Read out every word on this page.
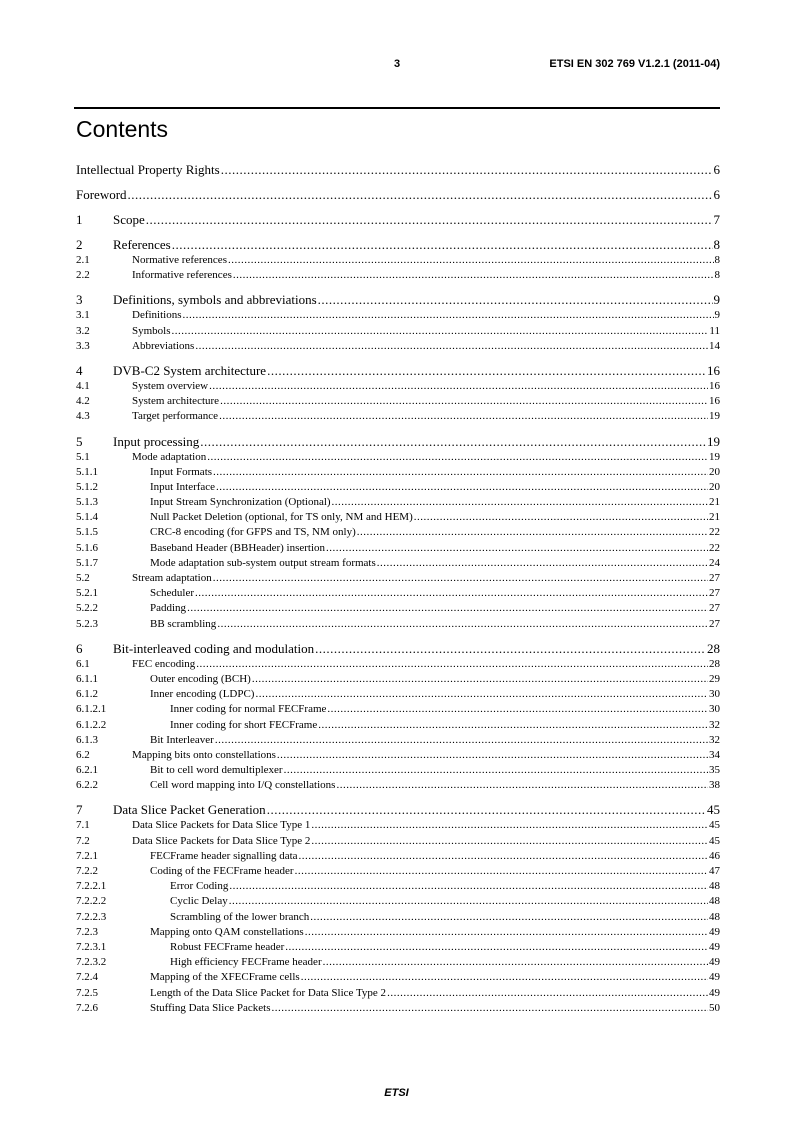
3	ETSI EN 302 769 V1.2.1 (2011-04)
Contents
Intellectual Property Rights .....	6
Foreword .....	6
1	Scope .....	7
2	References .....	8
2.1	Normative references .....	8
2.2	Informative references .....	8
3	Definitions, symbols and abbreviations .....	9
3.1	Definitions .....	9
3.2	Symbols .....	11
3.3	Abbreviations .....	14
4	DVB-C2 System architecture .....	16
4.1	System overview .....	16
4.2	System architecture .....	16
4.3	Target performance .....	19
5	Input processing .....	19
5.1	Mode adaptation .....	19
5.1.1	Input Formats .....	20
5.1.2	Input Interface .....	20
5.1.3	Input Stream Synchronization (Optional) .....	21
5.1.4	Null Packet Deletion (optional, for TS only, NM and HEM) .....	21
5.1.5	CRC-8 encoding (for GFPS and TS, NM only) .....	22
5.1.6	Baseband Header (BBHeader) insertion .....	22
5.1.7	Mode adaptation sub-system output stream formats .....	24
5.2	Stream adaptation .....	27
5.2.1	Scheduler .....	27
5.2.2	Padding .....	27
5.2.3	BB scrambling .....	27
6	Bit-interleaved coding and modulation .....	28
6.1	FEC encoding .....	28
6.1.1	Outer encoding (BCH) .....	29
6.1.2	Inner encoding (LDPC) .....	30
6.1.2.1	Inner coding for normal FECFrame .....	30
6.1.2.2	Inner coding for short FECFrame .....	32
6.1.3	Bit Interleaver .....	32
6.2	Mapping bits onto constellations .....	34
6.2.1	Bit to cell word demultiplexer .....	35
6.2.2	Cell word mapping into I/Q constellations .....	38
7	Data Slice Packet Generation .....	45
7.1	Data Slice Packets for Data Slice Type 1 .....	45
7.2	Data Slice Packets for Data Slice Type 2 .....	45
7.2.1	FECFrame header signalling data .....	46
7.2.2	Coding of the FECFrame header .....	47
7.2.2.1	Error Coding .....	48
7.2.2.2	Cyclic Delay .....	48
7.2.2.3	Scrambling of the lower branch .....	48
7.2.3	Mapping onto QAM constellations .....	49
7.2.3.1	Robust FECFrame header .....	49
7.2.3.2	High efficiency FECFrame header .....	49
7.2.4	Mapping of the XFECFrame cells .....	49
7.2.5	Length of the Data Slice Packet for Data Slice Type 2 .....	49
7.2.6	Stuffing Data Slice Packets .....	50
ETSI
